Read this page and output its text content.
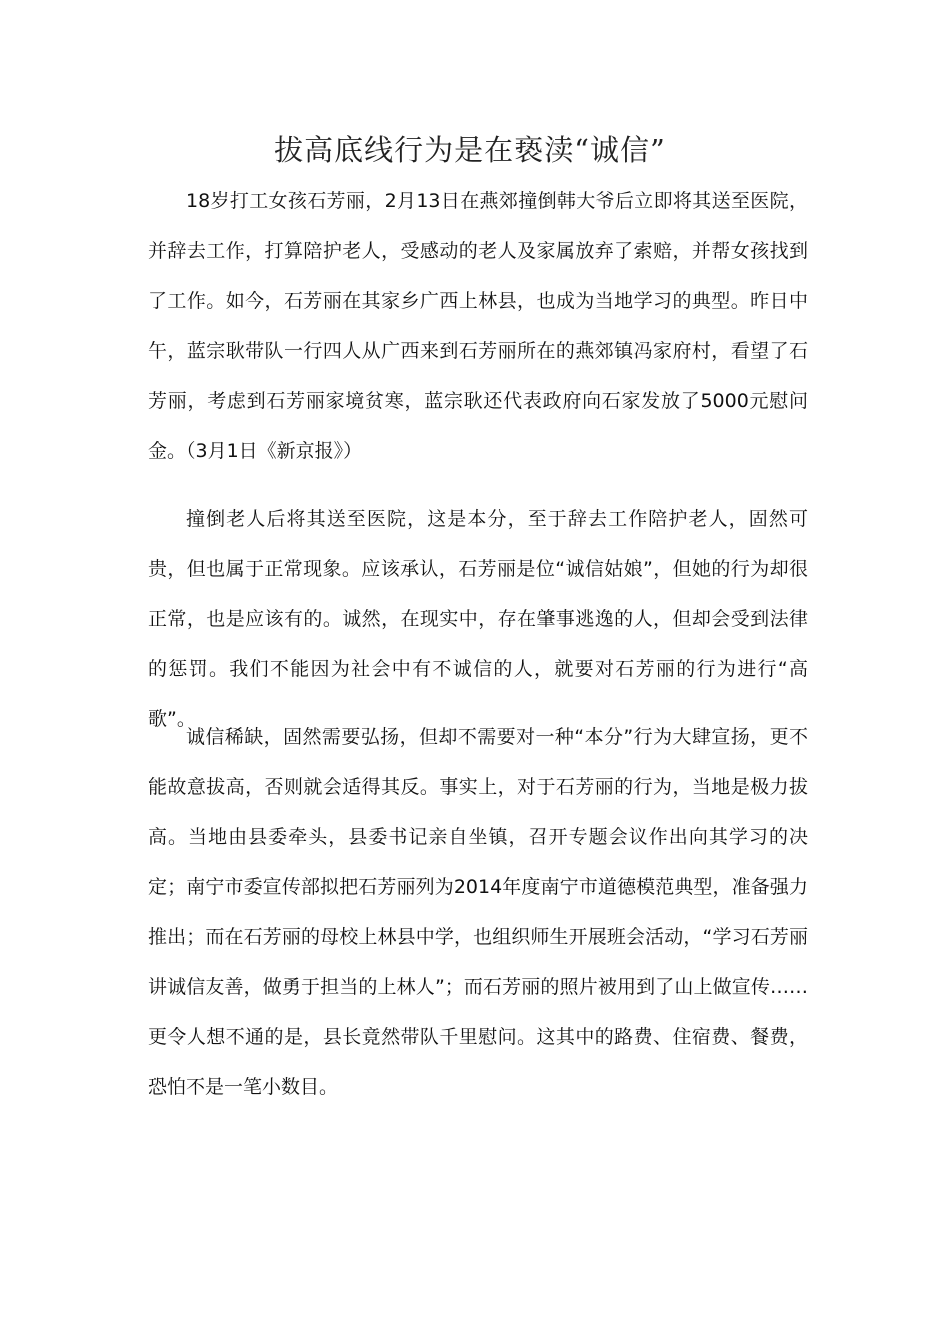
拔高底线行为是在亵渎“诚信”

18岁打工女孩石芳丽，2月13日在燕郊撞倒韩大爷后立即将其送至医院，并辞去工作，打算陪护老人，受感动的老人及家属放弃了索赔，并帮女孩找到了工作。如今，石芳丽在其家乡广西上林县，也成为当地学习的典型。昨日中午，蓝宗耿带队一行四人从广西来到石芳丽所在的燕郊镇冯家府村，看望了石芳丽，考虑到石芳丽家境贫寒，蓝宗耿还代表政府向石家发放了5000元慰问金。（3月1日《新京报》）

撞倒老人后将其送至医院，这是本分，至于辞去工作陪护老人，固然可贵，但也属于正常现象。应该承认，石芳丽是位“诚信姑娘”，但她的行为却很正常，也是应该有的。诚然，在现实中，存在肇事逃逸的人，但却会受到法律的惩罚。我们不能因为社会中有不诚信的人，就要对石芳丽的行为进行“高歌”。

诚信稀缺，固然需要弘扬，但却不需要对一种“本分”行为大肆宣扬，更不能故意拔高，否则就会适得其反。事实上，对于石芳丽的行为，当地是极力拔高。当地由县委牵头，县委书记亲自坐镇，召开专题会议作出向其学习的决定；南宁市委宣传部拟把石芳丽列为2014年度南宁市道德模范典型，准备强力推出；而在石芳丽的母校上林县中学，也组织师生开展班会活动，“学习石芳丽讲诚信友善，做勇于担当的上林人”；而石芳丽的照片被用到了山上做宣传……更令人想不通的是，县长竟然带队千里慰问。这其中的路费、住宿费、餐费，恐怕不是一笔小数目。
